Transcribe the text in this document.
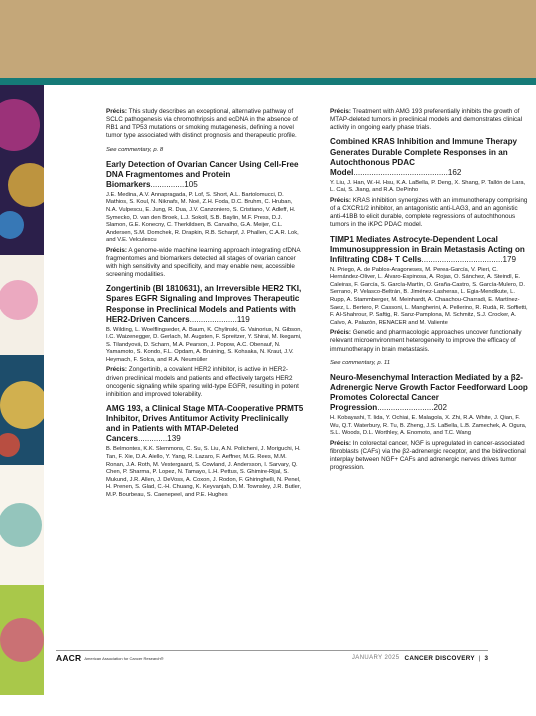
Précis: This study describes an exceptional, alternative pathway of SCLC pathogenesis via chromothripsis and ecDNA in the absence of RB1 and TP53 mutations or smoking mutagenesis, defining a novel tumor type associated with distinct prognosis and therapeutic profile.

See commentary, p. 8

Early Detection of Ovarian Cancer Using Cell-Free DNA Fragmentomes and Protein Biomarkers...............105

J.E. Medina, A.V. Annapragada, P. Lof, S. Short, A.L. Bartolomucci, D. Mathios, S. Koul, N. Niknafs, M. Noë, Z.H. Foda, D.C. Bruhm, C. Hruban, N.A. Vulpescu, E. Jung, R. Dua, J.V. Canzoniero, S. Cristiano, V. Adleff, H. Symecko, D. van den Broek, L.J. Sokoll, S.B. Baylin, M.F. Press, D.J. Slamon, G.E. Konecny, C. Therkildsen, B. Carvalho, G.A. Meijer, C.L. Andersen, S.M. Domchek, R. Drapkin, R.B. Scharpf, J. Phallen, C.A.R. Lok, and V.E. Velculescu

Précis: A genome-wide machine learning approach integrating cfDNA fragmentomes and biomarkers detected all stages of ovarian cancer with high sensitivity and specificity, and may enable new, accessible screening modalities.

Zongertinib (BI 1810631), an Irreversible HER2 TKI, Spares EGFR Signaling and Improves Therapeutic Response in Preclinical Models and Patients with HER2-Driven Cancers.....................119

B. Wilding, L. Woelflingseder, A. Baum, K. Chylinski, G. Vainorius, N. Gibson, I.C. Waizenegger, D. Gerlach, M. Augsten, F. Spreitzer, Y. Shirai, M. Ikegami, S. Tilandyová, D. Scharn, M.A. Pearson, J. Popow, A.C. Obenauf, N. Yamamoto, S. Kondo, F.L. Opdam, A. Bruining, S. Kohsaka, N. Kraut, J.V. Heymach, F. Solca, and R.A. Neumüller

Précis: Zongertinib, a covalent HER2 inhibitor, is active in HER2-driven preclinical models and patients and effectively targets HER2 oncogenic signaling while sparing wild-type EGFR, resulting in potent inhibition and improved tolerability.

AMG 193, a Clinical Stage MTA-Cooperative PRMT5 Inhibitor, Drives Antitumor Activity Preclinically and in Patients with MTAP-Deleted Cancers.............139

B. Belmontes, K.K. Slemmons, C. Su, S. Liu, A.N. Policheni, J. Moriguchi, H. Tan, F. Xie, D.A. Aiello, Y. Yang, R. Lazaro, F. Aeffner, M.G. Rees, M.M. Ronan, J.A. Roth, M. Vestergaard, S. Cowland, J. Andersson, I. Sarvary, Q. Chen, P. Sharma, P. Lopez, N. Tamayo, L.H. Pettus, S. Ghimire-Rijal, S. Mukund, J.R. Allen, J. DeVoss, A. Coxon, J. Rodon, F. Ghiringhelli, N. Penel, H. Prenen, S. Glad, C.-H. Chuang, K. Keyvanjah, D.M. Townsley, J.R. Butler, M.P. Bourbeau, S. Caenepeel, and P.E. Hughes

Précis: Treatment with AMG 193 preferentially inhibits the growth of MTAP-deleted tumors in preclinical models and demonstrates clinical activity in ongoing early phase trials.

Combined KRAS Inhibition and Immune Therapy Generates Durable Complete Responses in an Autochthonous PDAC Model..........................................162

Y. Liu, J. Han, W.-H. Hsu, K.A. LaBella, P. Deng, X. Shang, P. Tallón de Lara, L. Cai, S. Jiang, and R.A. DePinho

Précis: KRAS inhibition synergizes with an immunotherapy comprising of a CXCR1/2 inhibitor, an antagonistic anti-LAG3, and an agonistic anti-41BB to elicit durable, complete regressions of autochthonous tumors in the iKPC PDAC model.

TIMP1 Mediates Astrocyte-Dependent Local Immunosuppression in Brain Metastasis Acting on Infiltrating CD8+ T Cells....................................179

N. Priego, A. de Pablos-Aragoneses, M. Perea-García, V. Pieri, C. Hernández-Oliver, L. Álvaro-Espinosa, A. Rojas, O. Sánchez, A. Steindl, E. Caleiras, F. García, S. García-Martín, O. Graña-Castro, S. García-Mulero, D. Serrano, P. Velasco-Beltrán, B. Jiménez-Lasheras, L. Egia-Mendikute, L. Rupp, A. Stammberger, M. Meinhardt, A. Chaachou-Charradi, E. Martínez-Saez, L. Bertero, P. Cassoni, L. Mangherini, A. Pellerino, R. Rudà, R. Soffietti, F. Al-Shahrour, P. Saftig, R. Sanz-Pamplona, M. Schmitz, S.J. Crocker, A. Calvo, A. Palazón, RENACER and M. Valiente

Précis: Genetic and pharmacologic approaches uncover functionally relevant microenvironment heterogeneity to improve the efficacy of immunotherapy in brain metastasis.

See commentary, p. 11

Neuro-Mesenchymal Interaction Mediated by a β2-Adrenergic Nerve Growth Factor Feedforward Loop Promotes Colorectal Cancer Progression.........................202

H. Kobayashi, T. Iida, Y. Ochiai, E. Malagola, X. Zhi, R.A. White, J. Qian, F. Wu, Q.T. Waterbury, R. Tu, B. Zheng, J.S. LaBella, L.B. Zamechek, A. Ogura, S.L. Woods, D.L. Worthley, A. Enomoto, and T.C. Wang

Précis: In colorectal cancer, NGF is upregulated in cancer-associated fibroblasts (CAFs) via the β2-adrenergic receptor, and the bidirectional interplay between NGF+ CAFs and adrenergic nerves drives tumor progression.

AACR American Association for Cancer Research®	JANUARY 2025 CANCER DISCOVERY | 3
